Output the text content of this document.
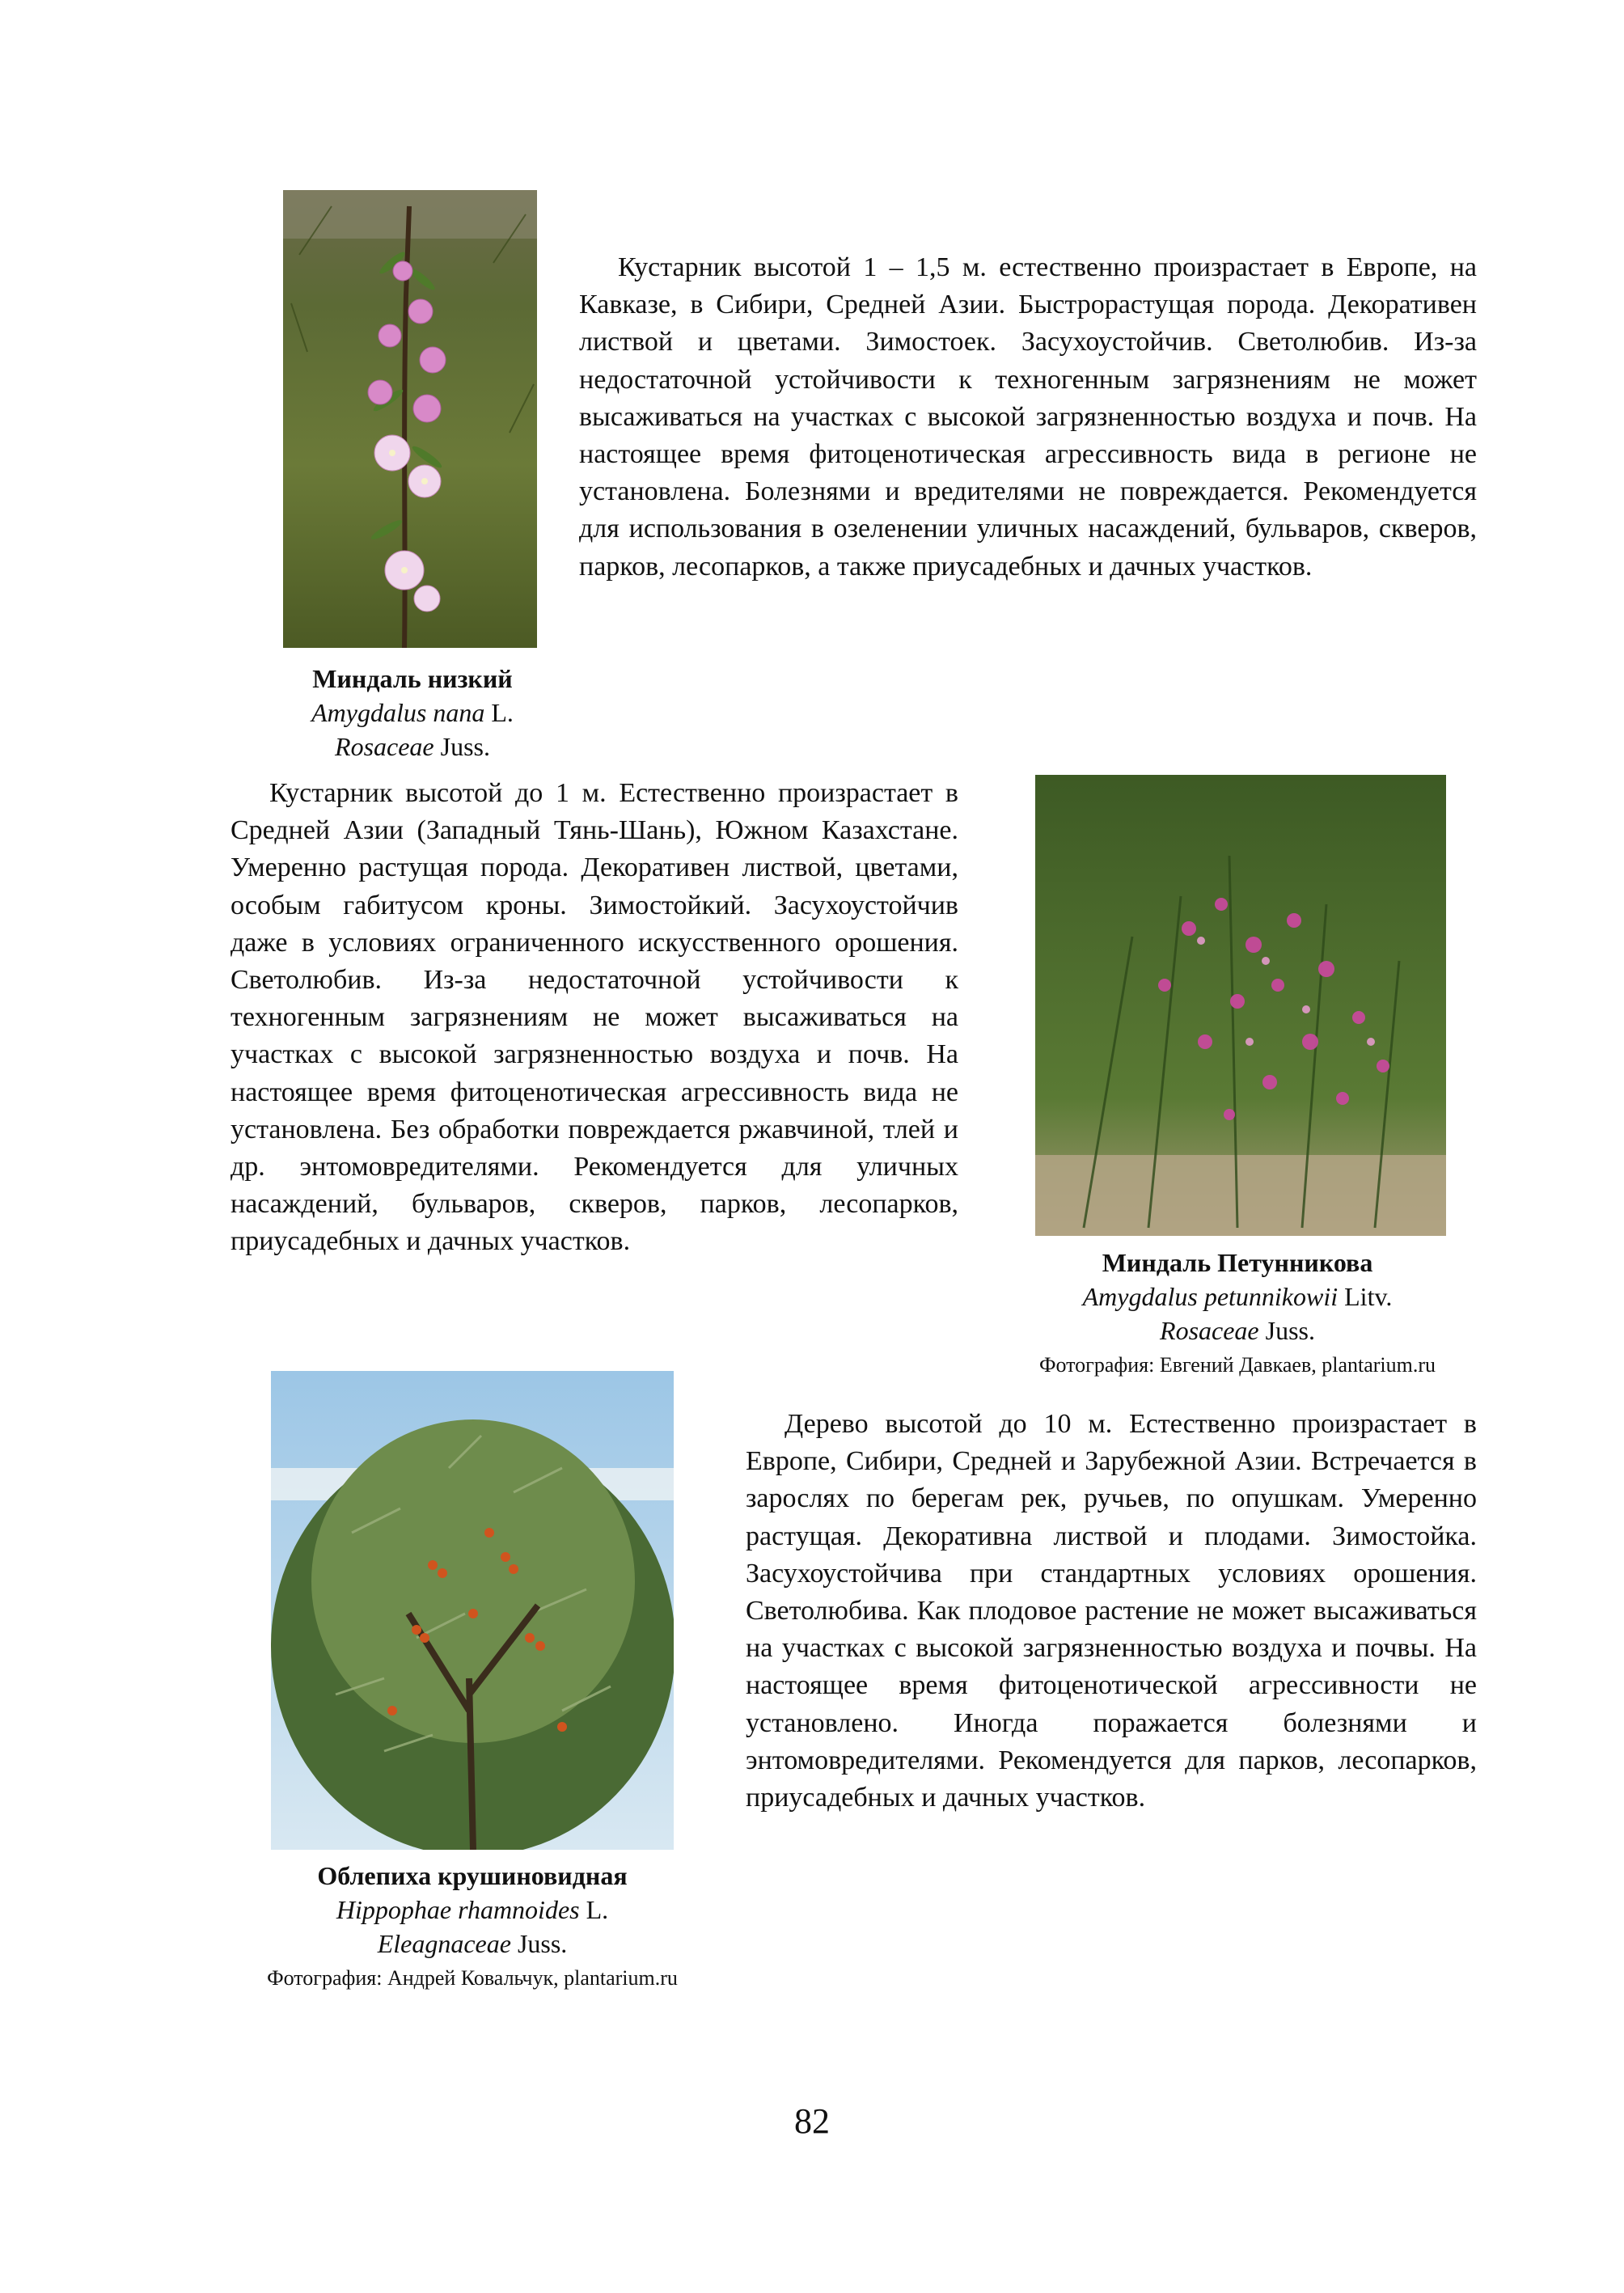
Кустарник высотой 1 – 1,5 м. естественно произрастает в Европе, на Кавказе, в Сибири, Средней Азии. Быстрорастущая порода. Декоративен листвой и цветами. Зимостоек. Засухоустойчив. Светолюбив. Из-за недостаточной устойчивости к техногенным загрязнениям не может высаживаться на участках с высокой загрязненностью воздуха и почв. На настоящее время фитоценотическая агрессивность вида в регионе не установлена. Болезнями и вредителями не повреждается. Рекомендуется для использования в озеленении уличных насаждений, бульваров, скверов, парков, лесопарков, а также приусадебных и дачных участков.

Миндаль низкий
Amygdalus nana L.
Rosaceae Juss.

Кустарник высотой до 1 м. Естественно произрастает в Средней Азии (Западный Тянь-Шань), Южном Казахстане. Умеренно растущая порода. Декоративен листвой, цветами, особым габитусом кроны. Зимостойкий. Засухоустойчив даже в условиях ограниченного искусственного орошения. Светолюбив. Из-за недостаточной устойчивости к техногенным загрязнениям не может высаживаться на участках с высокой загрязненностью воздуха и почв. На настоящее время фитоценотическая агрессивность вида не установлена. Без обработки повреждается ржавчиной, тлей и др. энтомовредителями. Рекомендуется для уличных насаждений, бульваров, скверов, парков, лесопарков, приусадебных и дачных участков.

Миндаль Петунникова
Amygdalus petunnikowii Litv.
Rosaceae Juss.
Фотография: Евгений Давкаев, plantarium.ru

Дерево высотой до 10 м. Естественно произрастает в Европе, Сибири, Средней и Зарубежной Азии. Встречается в зарослях по берегам рек, ручьев, по опушкам. Умеренно растущая. Декоративна листвой и плодами. Зимостойка. Засухоустойчива при стандартных условиях орошения. Светолюбива. Как плодовое растение не может высаживаться на участках с высокой загрязненностью воздуха и почвы. На настоящее время фитоценотической агрессивности не установлено. Иногда поражается болезнями и энтомовредителями. Рекомендуется для парков, лесопарков, приусадебных и дачных участков.

Облепиха крушиновидная
Hippophae rhamnoides L.
Eleagnaceae Juss.
Фотография: Андрей Ковальчук, plantarium.ru
82
